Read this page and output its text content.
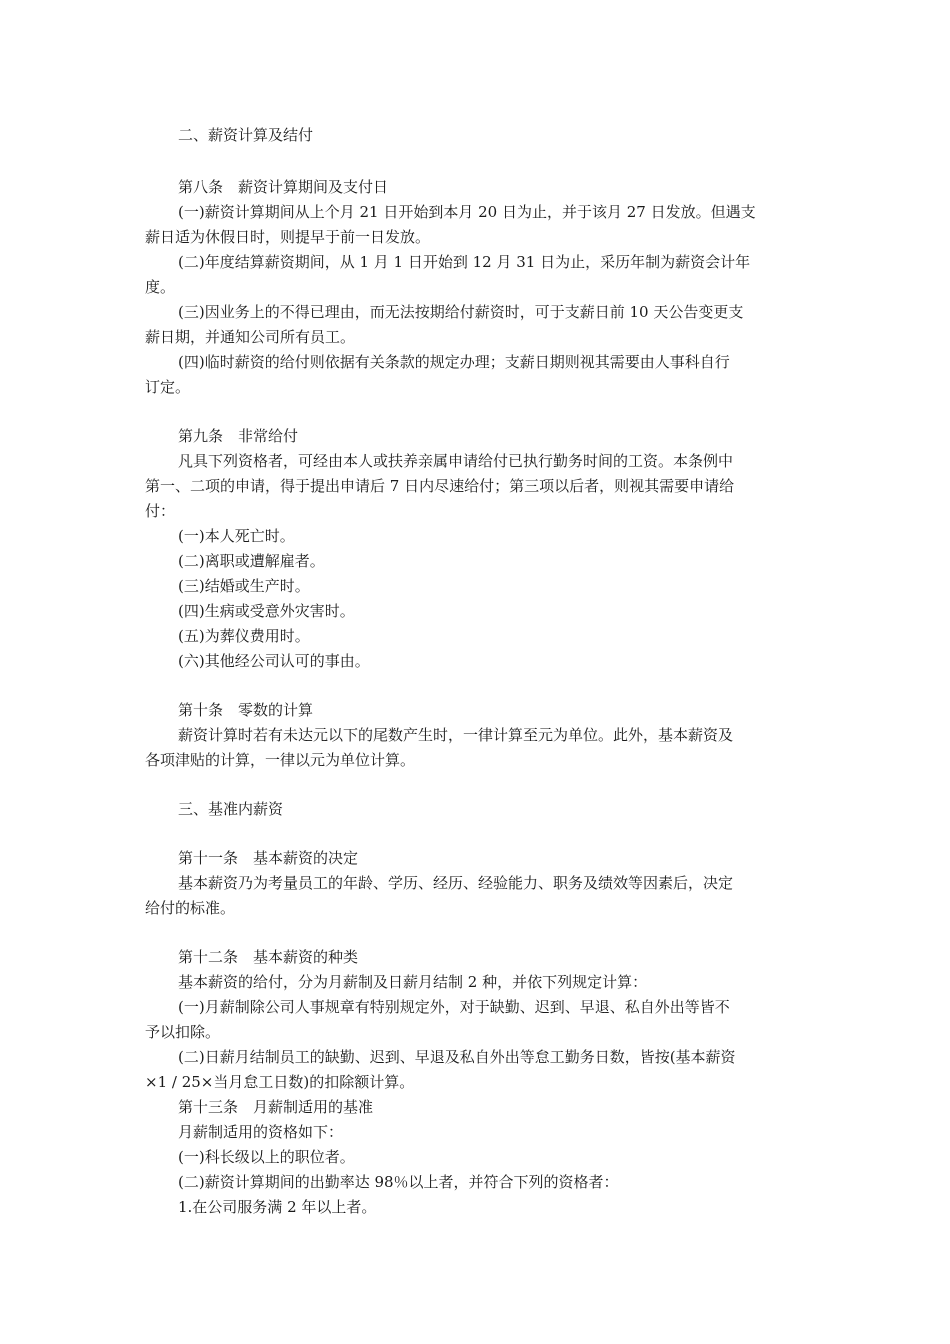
二、薪资计算及结付
第八条　薪资计算期间及支付日
(一)薪资计算期间从上个月 21 日开始到本月 20 日为止，并于该月 27 日发放。但遇支
薪日适为休假日时，则提早于前一日发放。
(二)年度结算薪资期间，从 1 月 1 日开始到 12 月 31 日为止，采历年制为薪资会计年
度。
(三)因业务上的不得已理由，而无法按期给付薪资时，可于支薪日前 10 天公告变更支
薪日期，并通知公司所有员工。
(四)临时薪资的给付则依据有关条款的规定办理；支薪日期则视其需要由人事科自行
订定。
第九条　非常给付
凡具下列资格者，可经由本人或扶养亲属申请给付已执行勤务时间的工资。本条例中
第一、二项的申请，得于提出申请后 7 日内尽速给付；第三项以后者，则视其需要申请给
付：
(一)本人死亡时。
(二)离职或遭解雇者。
(三)结婚或生产时。
(四)生病或受意外灾害时。
(五)为葬仪费用时。
(六)其他经公司认可的事由。
第十条　零数的计算
薪资计算时若有未达元以下的尾数产生时，一律计算至元为单位。此外，基本薪资及
各项津贴的计算，一律以元为单位计算。
三、基准内薪资
第十一条　基本薪资的决定
基本薪资乃为考量员工的年龄、学历、经历、经验能力、职务及绩效等因素后，决定
给付的标准。
第十二条　基本薪资的种类
基本薪资的给付，分为月薪制及日薪月结制 2 种，并依下列规定计算：
(一)月薪制除公司人事规章有特别规定外，对于缺勤、迟到、早退、私自外出等皆不
予以扣除。
(二)日薪月结制员工的缺勤、迟到、早退及私自外出等怠工勤务日数，皆按(基本薪资
×1 / 25×当月怠工日数)的扣除额计算。
第十三条　月薪制适用的基准
月薪制适用的资格如下：
(一)科长级以上的职位者。
(二)薪资计算期间的出勤率达 98％以上者，并符合下列的资格者：
1.在公司服务满 2 年以上者。
